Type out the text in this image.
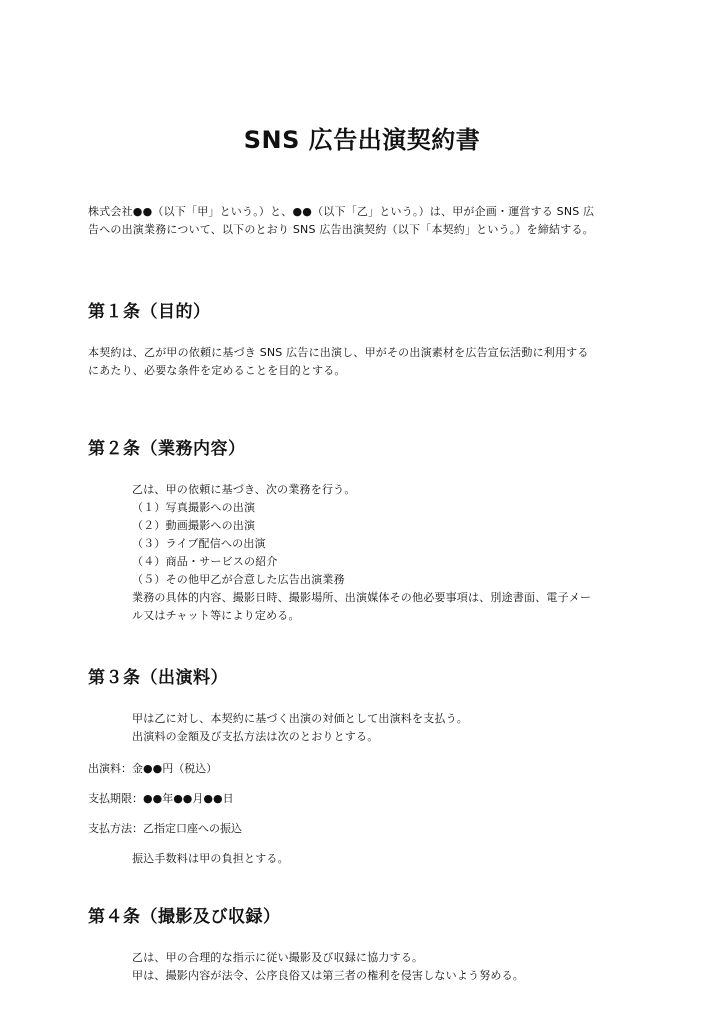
SNS 広告出演契約書

株式会社●●（以下「甲」という。）と、●●（以下「乙」という。）は、甲が企画・運営する SNS 広

告への出演業務について、以下のとおり SNS 広告出演契約（以下「本契約」という。）を締結する。

第１条（目的）

本契約は、乙が甲の依頼に基づき SNS 広告に出演し、甲がその出演素材を広告宣伝活動に利用する

にあたり、必要な条件を定めることを目的とする。

第２条（業務内容）

乙は、甲の依頼に基づき、次の業務を行う。

（１）写真撮影への出演

（２）動画撮影への出演

（３）ライブ配信への出演

（４）商品・サービスの紹介

（５）その他甲乙が合意した広告出演業務

業務の具体的内容、撮影日時、撮影場所、出演媒体その他必要事項は、別途書面、電子メー

ル又はチャット等により定める。

第３条（出演料）

甲は乙に対し、本契約に基づく出演の対価として出演料を支払う。

出演料の金額及び支払方法は次のとおりとする。

出演料：金●●円（税込）

支払期限：●●年●●月●●日

支払方法：乙指定口座への振込

振込手数料は甲の負担とする。

第４条（撮影及び収録）

乙は、甲の合理的な指示に従い撮影及び収録に協力する。

甲は、撮影内容が法令、公序良俗又は第三者の権利を侵害しないよう努める。
